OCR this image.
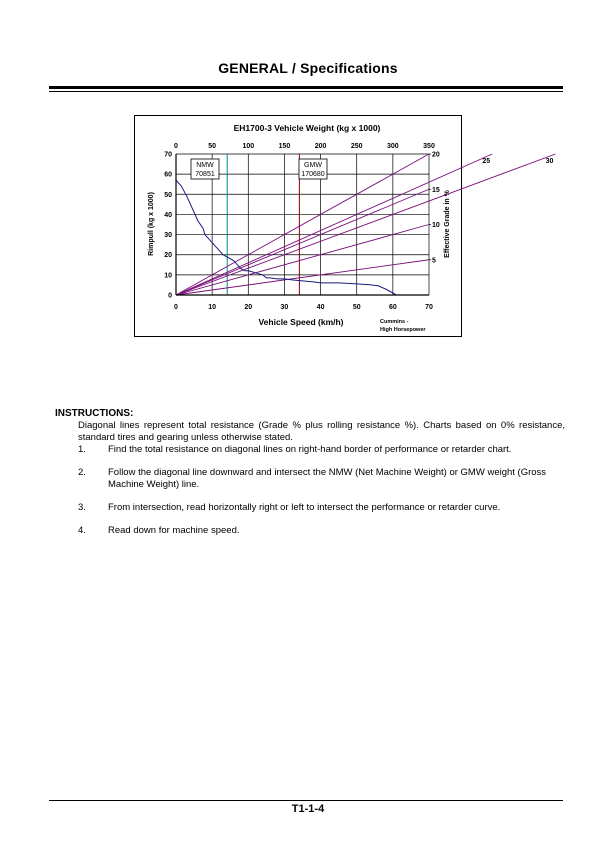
GENERAL / Specifications
EH1700-3 Vehicle Weight (kg x 1000)
Vehicle Speed (km/h)
Rimpull (kg x 1000)	Effective Grade in %
Cummins -
High Horsepower
0	10	20	30	40	50	60	70
0
10
20
30
40
50
60
70
0	50	100	150	200	250	300	350
30
25
20
15
10
5
NMW
70851
GMW
170680
INSTRUCTIONS:
Diagonal lines represent total resistance (Grade % plus rolling resistance %). Charts based on 0% resistance, standard tires and gearing unless otherwise stated.
1. Find the total resistance on diagonal lines on right-hand border of performance or retarder chart.
2. Follow the diagonal line downward and intersect the NMW (Net Machine Weight) or GMW weight (Gross Machine Weight) line.
3. From intersection, read horizontally right or left to intersect the performance or retarder curve.
4. Read down for machine speed.
T1-1-4
